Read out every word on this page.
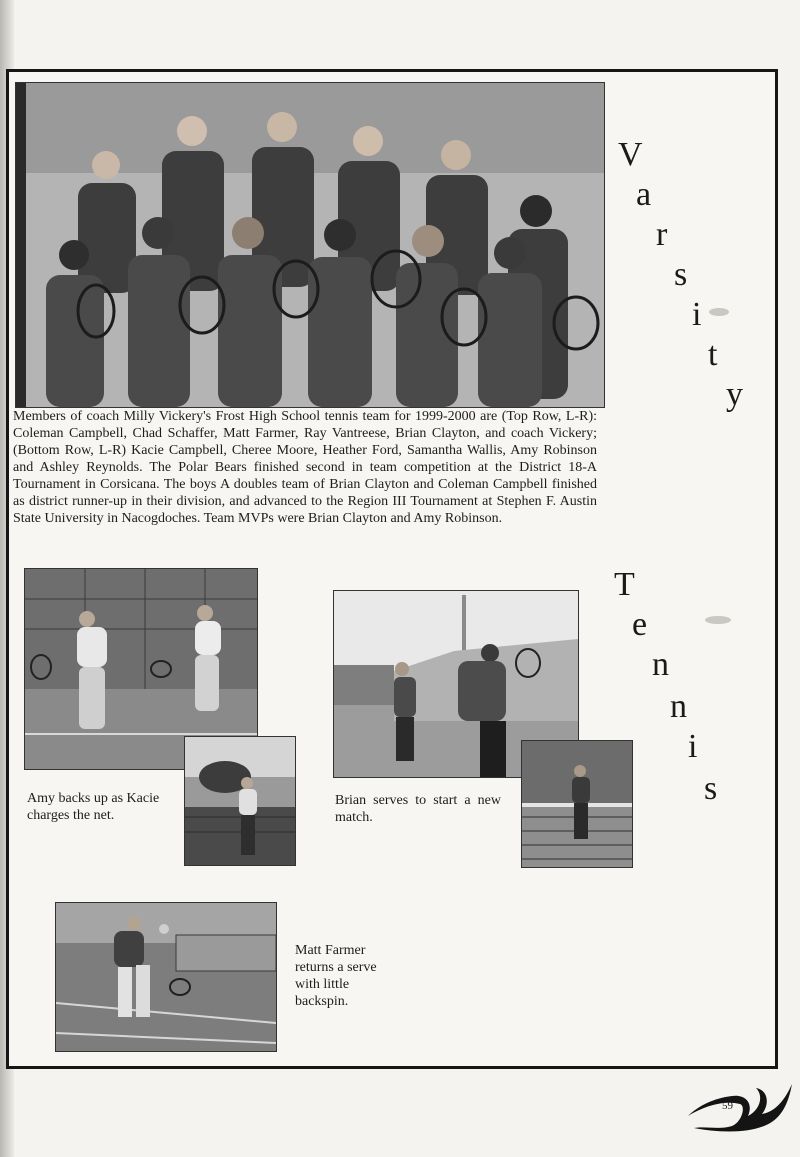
Members of coach Milly Vickery's Frost High School tennis team for 1999-2000 are (Top Row, L-R): Coleman Campbell, Chad Schaffer, Matt Farmer, Ray Vantreese, Brian Clayton, and coach Vickery; (Bottom Row, L-R) Kacie Campbell, Cheree Moore, Heather Ford, Samantha Wallis, Amy Robinson and Ashley Reynolds. The Polar Bears finished second in team competition at the District 18-A Tournament in Corsicana. The boys A doubles team of Brian Clayton and Coleman Campbell finished as district runner-up in their division, and advanced to the Region III Tournament at Stephen F. Austin State University in Nacogdoches. Team MVPs were Brian Clayton and Amy Robinson.
Amy backs up as Kacie charges the net.
Brian serves to start a new match.
Matt Farmer returns a serve with little backspin.
V
a
r
s
i
t
y
T
e
n
n
i
s
59
